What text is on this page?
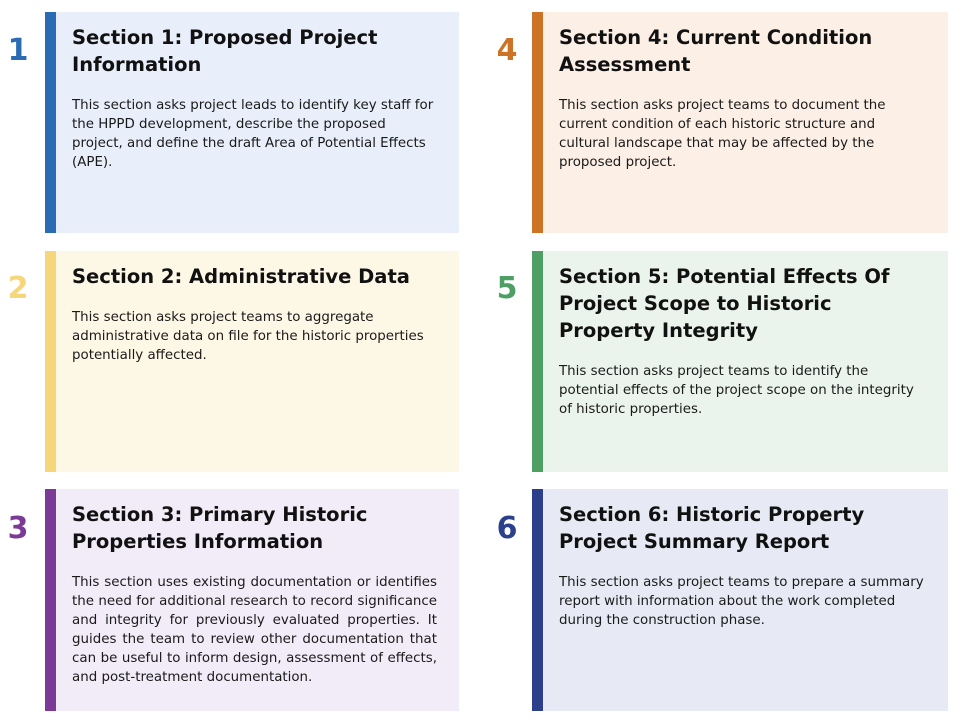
1 Section 1: Proposed Project Information

This section asks project leads to identify key staff for the HPPD development, describe the proposed project, and define the draft Area of Potential Effects (APE).

4 Section 4: Current Condition Assessment

This section asks project teams to document the current condition of each historic structure and cultural landscape that may be affected by the proposed project.

2 Section 2: Administrative Data

This section asks project teams to aggregate administrative data on file for the historic properties potentially affected.

5 Section 5: Potential Effects Of Project Scope to Historic Property Integrity

This section asks project teams to identify the potential effects of the project scope on the integrity of historic properties.

3 Section 3: Primary Historic Properties Information

This section uses existing documentation or identifies the need for additional research to record significance and integrity for previously evaluated properties. It guides the team to review other documentation that can be useful to inform design, assessment of effects, and post-treatment documentation.

6 Section 6: Historic Property Project Summary Report

This section asks project teams to prepare a summary report with information about the work completed during the construction phase.
